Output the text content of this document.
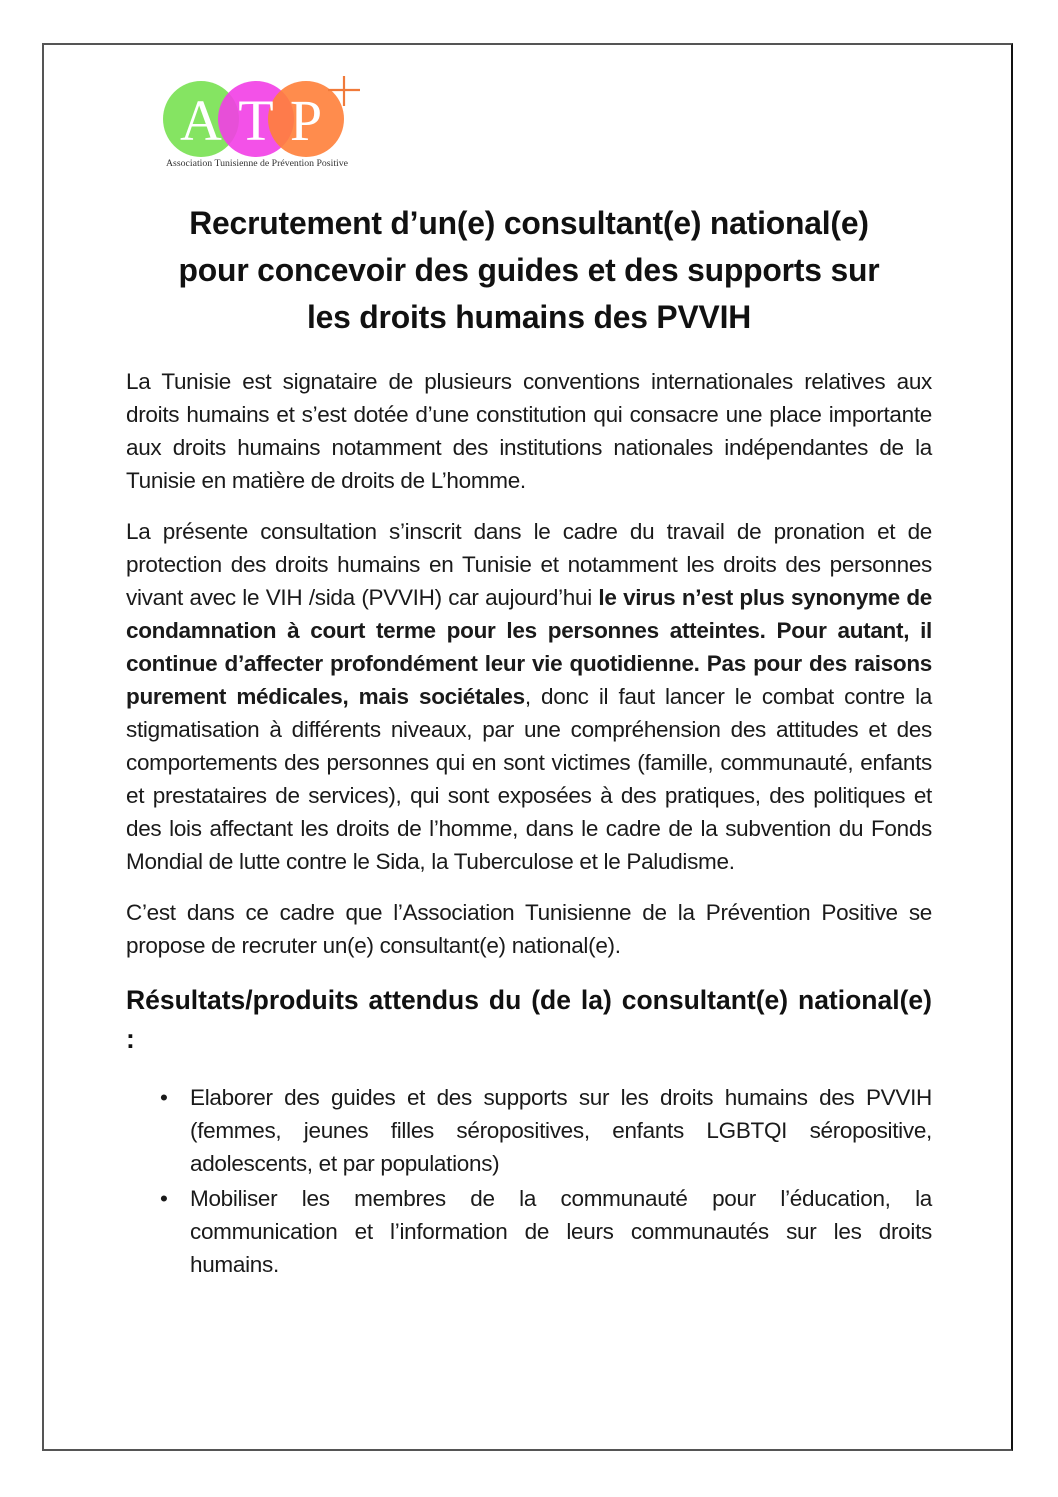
A T P
Association Tunisienne de Prévention Positive
Recrutement d’un(e) consultant(e) national(e)
pour concevoir des guides et des supports sur
les droits humains des PVVIH

La Tunisie est signataire de plusieurs conventions internationales relatives aux droits humains et s’est dotée d’une constitution qui consacre une place importante aux droits humains notamment des institutions nationales indépendantes de la Tunisie en matière de droits de L’homme.

La présente consultation s’inscrit dans le cadre du travail de pronation et de protection des droits humains en Tunisie et notamment les droits des personnes vivant avec le VIH /sida (PVVIH) car aujourd’hui le virus n’est plus synonyme de condamnation à court terme pour les personnes atteintes. Pour autant, il continue d’affecter profondément leur vie quotidienne. Pas pour des raisons purement médicales, mais sociétales, donc il faut lancer le combat contre la stigmatisation à différents niveaux, par une compréhension des attitudes et des comportements des personnes qui en sont victimes (famille, communauté, enfants et prestataires de services), qui sont exposées à des pratiques, des politiques et des lois affectant les droits de l’homme, dans le cadre de la subvention du Fonds Mondial de lutte contre le Sida, la Tuberculose et le Paludisme.

C’est dans ce cadre que l’Association Tunisienne de la Prévention Positive se propose de recruter un(e) consultant(e) national(e).

Résultats/produits attendus du (de la) consultant(e) national(e) :
• Elaborer des guides et des supports sur les droits humains des PVVIH (femmes, jeunes filles séropositives, enfants LGBTQI séropositive, adolescents, et par populations)
• Mobiliser les membres de la communauté pour l’éducation, la communication et l’information de leurs communautés sur les droits humains.
